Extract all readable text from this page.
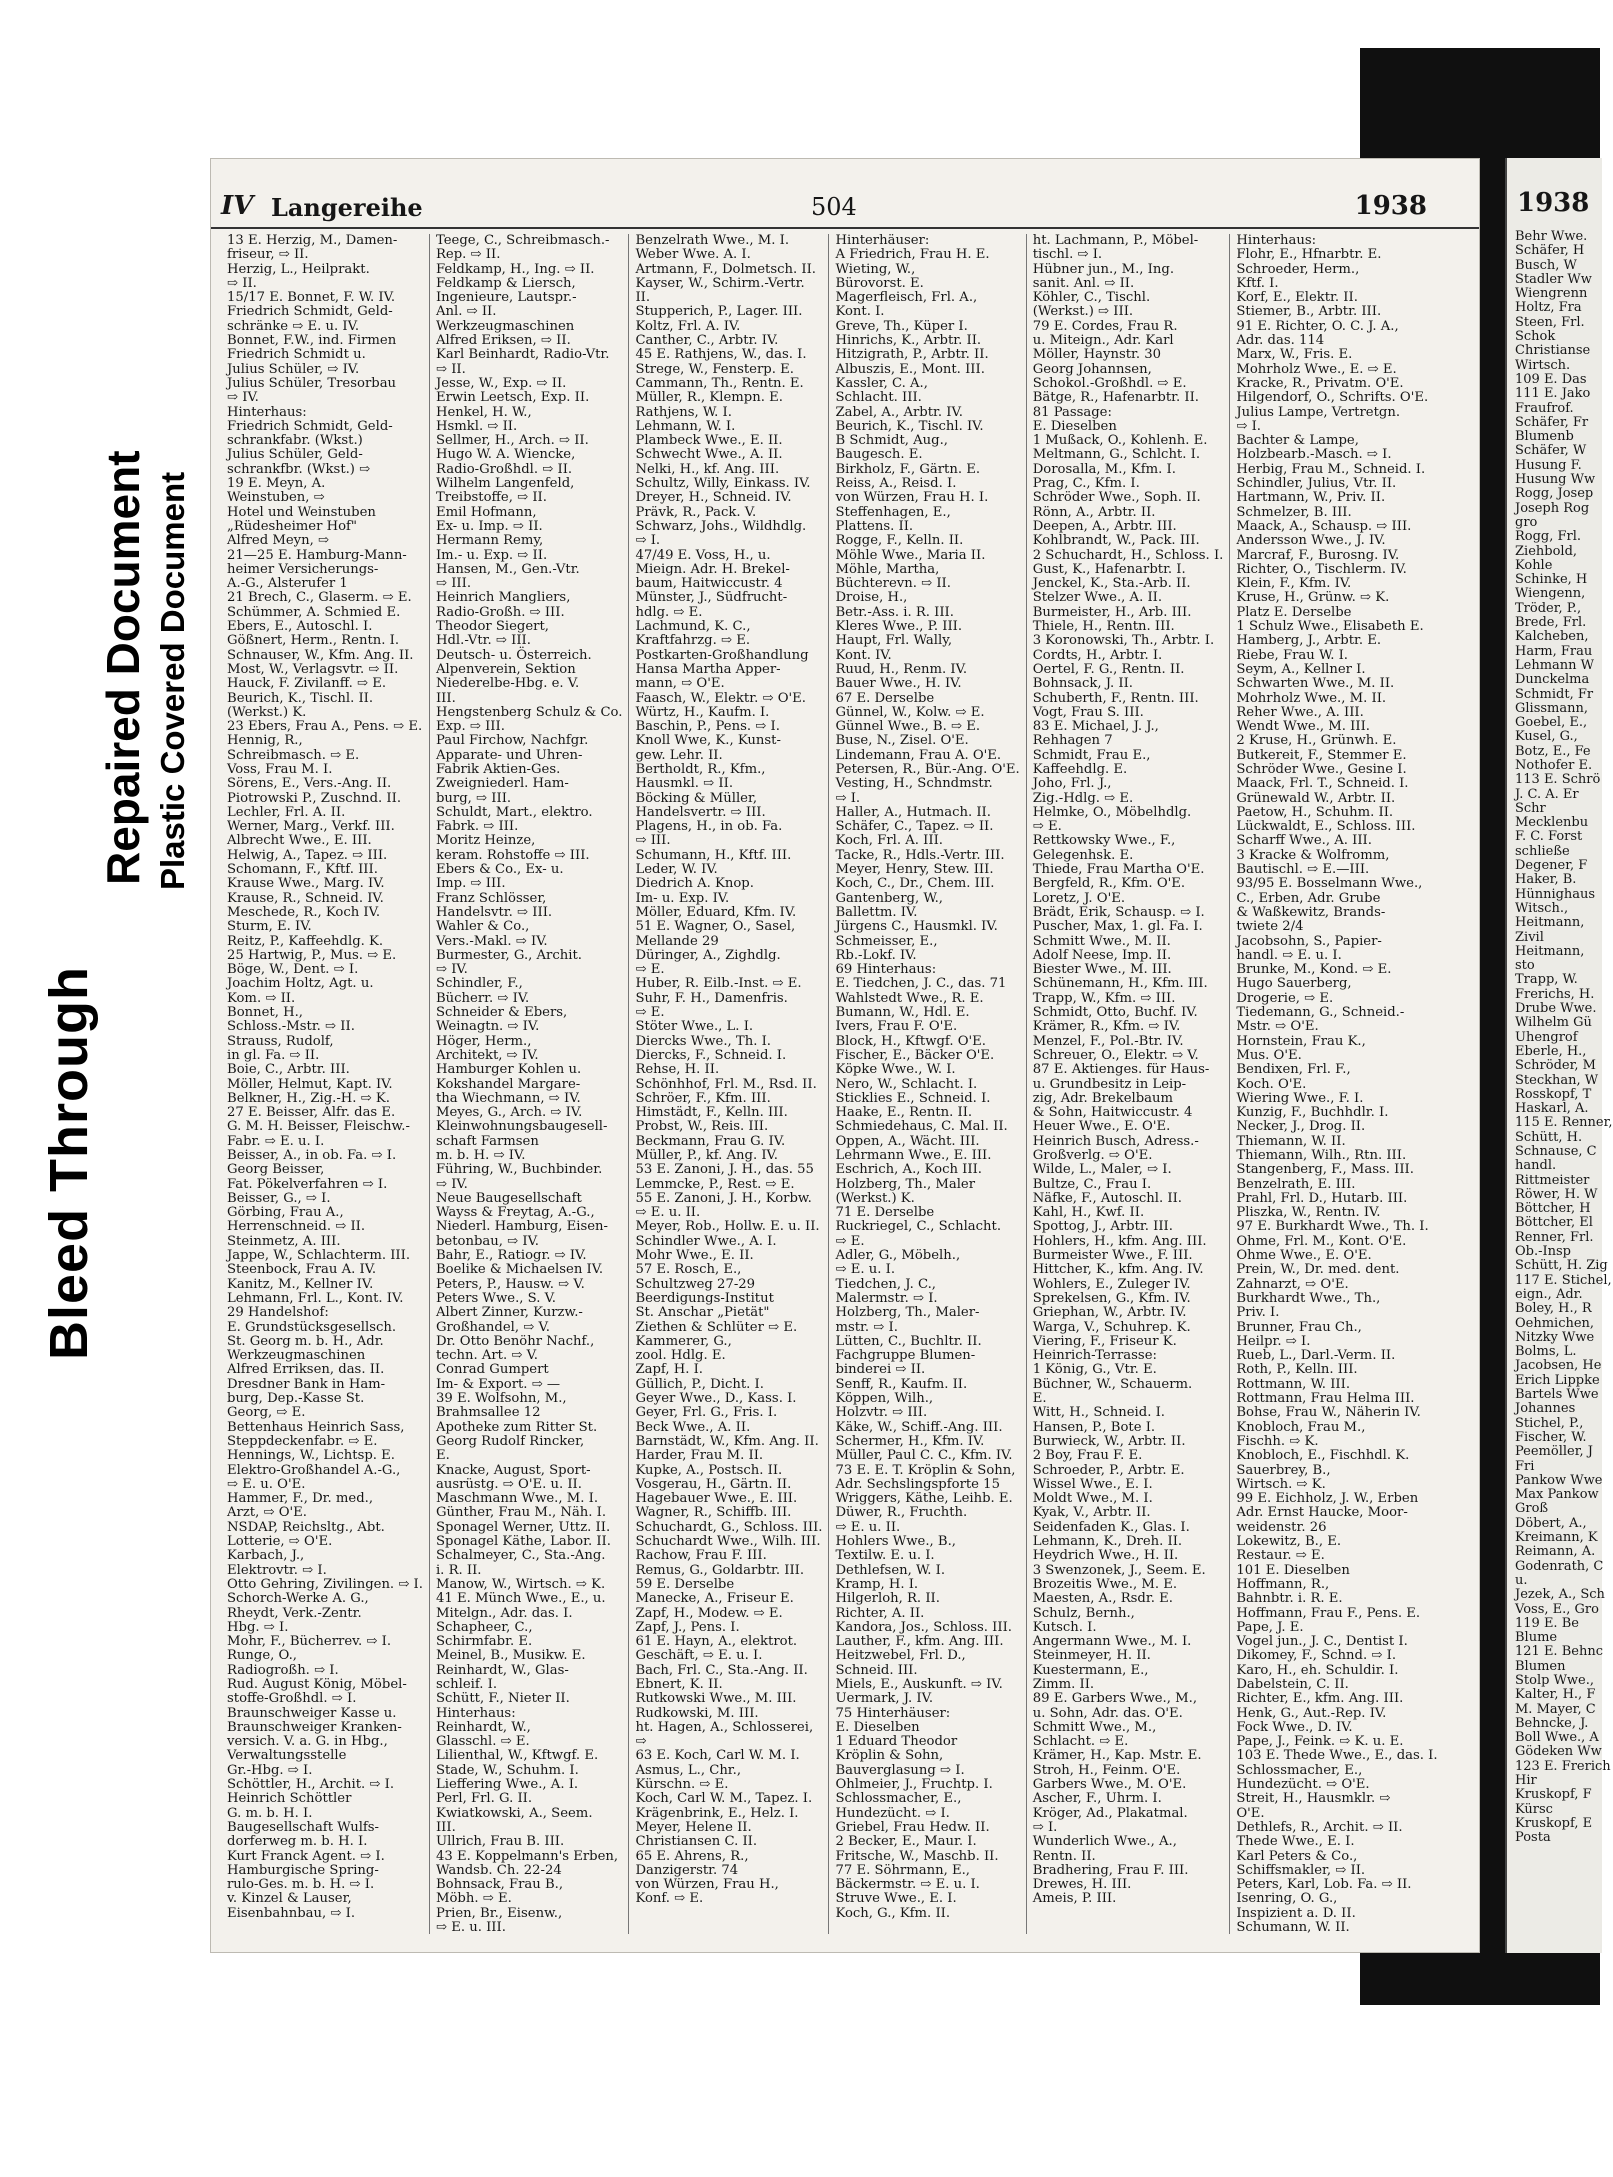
Bleed Through
Repaired Document Plastic Covered Document
IV Langereihe	504	1938
13 E. Herzig, M., Damen-
friseur, ⇨ II.
Herzig, L., Heilprakt.
⇨ II.
15/17 E. Bonnet, F. W. IV.
Friedrich Schmidt, Geld-
schränke ⇨ E. u. IV.
Bonnet, F.W., ind. Firmen
Friedrich Schmidt u.
Julius Schüler, ⇨ IV.
Julius Schüler, Tresorbau
⇨ IV.
Hinterhaus:
Friedrich Schmidt, Geld-
schrankfabr. (Wkst.)
Julius Schüler, Geld-
schrankfbr. (Wkst.) ⇨
19 E. Meyn, A.
Weinstuben, ⇨
Hotel und Weinstuben
„Rüdesheimer Hof"
Alfred Meyn, ⇨
21—25 E. Hamburg-Mann-
heimer Versicherungs-
A.-G., Alsterufer 1
21 Brech, C., Glaserm. ⇨ E.
Schümmer, A. Schmied E.
Ebers, E., Autoschl. I.
Gößnert, Herm., Rentn. I.
Schnauser, W., Kfm. Ang. II.
Most, W., Verlagsvtr. ⇨ II.
Hauck, F. Zivilanff. ⇨ E.
Beurich, K., Tischl. II.
(Werkst.) K.
23 Ebers, Frau A., Pens. ⇨ E.
Hennig, R.,
Schreibmasch. ⇨ E.
Voss, Frau M. I.
Sörens, E., Vers.-Ang. II.
Piotrowski P., Zuschnd. II.
Lechler, Frl. A. II.
Werner, Marg., Verkf. III.
Albrecht Wwe., E. III.
Helwig, A., Tapez. ⇨ III.
Schomann, F., Kftf. III.
Krause Wwe., Marg. IV.
Krause, R., Schneid. IV.
Meschede, R., Koch IV.
Sturm, E. IV.
Reitz, P., Kaffeehdlg. K.
25 Hartwig, P., Mus. ⇨ E.
Böge, W., Dent. ⇨ I.
Joachim Holtz, Agt. u.
Kom. ⇨ II.
Bonnet, H.,
Schloss.-Mstr. ⇨ II.
Strauss, Rudolf,
in gl. Fa. ⇨ II.
Boie, C., Arbtr. III.
Möller, Helmut, Kapt. IV.
Belkner, H., Zig.-H. ⇨ K.
27 E. Beisser, Alfr. das E.
G. M. H. Beisser, Fleischw.-
Fabr. ⇨ E. u. I.
Beisser, A., in ob. Fa. ⇨ I.
Georg Beisser,
Fat. Pökelverfahren ⇨ I.
Beisser, G., ⇨ I.
Görbing, Frau A.,
Herrenschneid. ⇨ II.
Steinmetz, A. III.
Jappe, W., Schlachterm. III.
Steenbock, Frau A. IV.
Kanitz, M., Kellner IV.
Lehmann, Frl. L., Kont. IV.
29 Handelshof:
E. Grundstücksgesellsch.
St. Georg m. b. H., Adr.
Werkzeugmaschinen
Alfred Erriksen, das. II.
Dresdner Bank in Ham-
burg, Dep.-Kasse St.
Georg, ⇨ E.
Bettenhaus Heinrich Sass,
Steppdeckenfabr. ⇨ E.
Hennings, W., Lichtsp. E.
Elektro-Großhandel A.-G.,
⇨ E. u. O'E.
Hammer, F., Dr. med.,
Arzt, ⇨ O'E.
NSDAP, Reichsltg., Abt.
Lotterie, ⇨ O'E.
Karbach, J.,
Elektrovtr. ⇨ I.
Otto Gehring, Zivilingen. ⇨ I.
Schorch-Werke A. G.,
Rheydt, Verk.-Zentr.
Hbg. ⇨ I.
Mohr, F., Bücherrev. ⇨ I.
Runge, O.,
Radiogroßh. ⇨ I.
Rud. August König, Möbel-
stoffe-Großhdl. ⇨ I.
Braunschweiger Kasse u.
Braunschweiger Kranken-
versich. V. a. G. in Hbg.,
Verwaltungsstelle
Gr.-Hbg. ⇨ I.
Schöttler, H., Archit. ⇨ I.
Heinrich Schöttler
G. m. b. H. I.
Baugesellschaft Wulfs-
dorferweg m. b. H. I.
Kurt Franck Agent. ⇨ I.
Hamburgische Spring-
rulo-Ges. m. b. H. ⇨ I.
v. Kinzel & Lauser,
Eisenbahnbau, ⇨ I.
Teege, C., Schreibmasch.-
Rep. ⇨ II.
Feldkamp, H., Ing. ⇨ II.
Feldkamp & Liersch,
Ingenieure, Lautspr.-
Anl. ⇨ II.
Werkzeugmaschinen
Alfred Eriksen, ⇨ II.
Karl Beinhardt, Radio-Vtr.
⇨ II.
Jesse, W., Exp. ⇨ II.
Erwin Leetsch, Exp. II.
Henkel, H. W.,
Hsmkl. ⇨ II.
Sellmer, H., Arch. ⇨ II.
Hugo W. A. Wiencke,
Radio-Großhdl. ⇨ II.
Wilhelm Langenfeld,
Treibstoffe, ⇨ II.
Emil Hofmann,
Ex- u. Imp. ⇨ II.
Hermann Remy,
Im.- u. Exp. ⇨ II.
Hansen, M., Gen.-Vtr.
⇨ III.
Heinrich Mangliers,
Radio-Großh. ⇨ III.
Theodor Siegert,
Hdl.-Vtr. ⇨ III.
Deutsch- u. Österreich.
Alpenverein, Sektion
Niederelbe-Hbg. e. V.
III.
Hengstenberg Schulz & Co.
Exp. ⇨ III.
Paul Firchow, Nachfgr.
Apparate- und Uhren-
Fabrik Aktien-Ges.
Zweigniederl. Ham-
burg, ⇨ III.
Schuldt, Mart., elektro.
Fabrk. ⇨ III.
Moritz Heinze,
keram. Rohstoffe ⇨ III.
Ebers & Co., Ex- u.
Imp. ⇨ III.
Franz Schlösser,
Handelsvtr. ⇨ III.
Wahler & Co.,
Vers.-Makl. ⇨ IV.
Burmester, G., Archit.
⇨ IV.
Schindler, F.,
Bücherr. ⇨ IV.
Schneider & Ebers,
Weinagtn. ⇨ IV.
Höger, Herm.,
Architekt, ⇨ IV.
Hamburger Kohlen u.
Kokshandel Margare-
tha Wiechmann, ⇨ IV.
Meyes, G., Arch. ⇨ IV.
Kleinwohnungsbaugesell-
schaft Farmsen
m. b. H. ⇨ IV.
Führing, W., Buchbinder.
⇨ IV.
Neue Baugesellschaft
Wayss & Freytag, A.-G.,
Niederl. Hamburg, Eisen-
betonbau, ⇨ IV.
Bahr, E., Ratiogr. ⇨ IV.
Boelike & Michaelsen IV.
Peters, P., Hausw. ⇨ V.
Peters Wwe., S. V.
Albert Zinner, Kurzw.-
Großhandel, ⇨ V.
Dr. Otto Benöhr Nachf.,
techn. Art. ⇨ V.
Conrad Gumpert
Im- & Export. ⇨ —
39 E. Wolfsohn, M.,
Brahmsallee 12
Apotheke zum Ritter St.
Georg Rudolf Rincker,
E.
Knacke, August, Sport-
ausrüstg. ⇨ O'E. u. II.
Maschmann Wwe., M. I.
Günther, Frau M., Näh. I.
Sponagel Werner, Uttz. II.
Sponagel Käthe, Labor. II.
Schalmeyer, C., Sta.-Ang.
i. R. II.
Manow, W., Wirtsch. ⇨ K.
41 E. Münch Wwe., E., u.
Mitelgn., Adr. das. I.
Schapheer, C.,
Schirmfabr. E.
Meinel, B., Musikw. E.
Reinhardt, W., Glas-
schleif. I.
Schütt, F., Nieter II.
Hinterhaus:
Reinhardt, W.,
Glasschl. ⇨ E.
Lilienthal, W., Kftwgf. E.
Stade, W., Schuhm. I.
Lieffering Wwe., A. I.
Perl, Frl. G. II.
Kwiatkowski, A., Seem.
III.
Ullrich, Frau B. III.
43 E. Koppelmann's Erben,
Wandsb. Ch. 22-24
Bohnsack, Frau B.,
Möbh. ⇨ E.
Prien, Br., Eisenw.,
⇨ E. u. III.
Benzelrath Wwe., M. I.
Weber Wwe. A. I.
Artmann, F., Dolmetsch. II.
Kayser, W., Schirm.-Vertr.
II.
Stupperich, P., Lager. III.
Koltz, Frl. A. IV.
Canther, C., Arbtr. IV.
45 E. Rathjens, W., das. I.
Strege, W., Fensterp. E.
Cammann, Th., Rentn. E.
Müller, R., Klempn. E.
Rathjens, W. I.
Lehmann, W. I.
Plambeck Wwe., E. II.
Schwecht Wwe., A. II.
Nelki, H., kf. Ang. III.
Schultz, Willy, Einkass. IV.
Dreyer, H., Schneid. IV.
Prävk, R., Pack. V.
Schwarz, Johs., Wildhdlg.
⇨ I.
47/49 E. Voss, H., u.
Mieign. Adr. H. Brekel-
baum, Haitwiccustr. 4
Münster, J., Südfrucht-
hdlg. ⇨ E.
Lachmund, K. C.,
Kraftfahrzg. ⇨ E.
Postkarten-Großhandlung
Hansa Martha Apper-
mann, ⇨ O'E.
Faasch, W., Elektr. ⇨ O'E.
Würtz, H., Kaufm. I.
Baschin, P., Pens. ⇨ I.
Knoll Wwe, K., Kunst-
gew. Lehr. II.
Bertholdt, R., Kfm.,
Hausmkl. ⇨ II.
Böcking & Müller,
Handelsvertr. ⇨ III.
Plagens, H., in ob. Fa.
⇨ III.
Schumann, H., Kftf. III.
Leder, W. IV.
Diedrich A. Knop.
Im- u. Exp. IV.
Möller, Eduard, Kfm. IV.
51 E. Wagner, O., Sasel,
Mellande 29
Düringer, A., Zighdlg.
⇨ E.
Huber, R. Eilb.-Inst. ⇨ E.
Suhr, F. H., Damenfris.
⇨ E.
Stöter Wwe., L. I.
Diercks Wwe., Th. I.
Diercks, F., Schneid. I.
Rehse, H. II.
Schönhhof, Frl. M., Rsd. II.
Schröer, F., Kfm. III.
Himstädt, F., Kelln. III.
Probst, W., Reis. III.
Beckmann, Frau G. IV.
Müller, P., kf. Ang. IV.
53 E. Zanoni, J. H., das. 55
Lemmcke, P., Rest. ⇨ E.
55 E. Zanoni, J. H., Korbw.
⇨ E. u. II.
Meyer, Rob., Hollw. E. u. II.
Schindler Wwe., A. I.
Mohr Wwe., E. II.
57 E. Rosch, E.,
Schultzweg 27-29
Beerdigungs-Institut
St. Anschar „Pietät"
Ziethen & Schlüter ⇨ E.
Kammerer, G.,
zool. Hdlg. E.
Zapf, H. I.
Güllich, P., Dicht. I.
Geyer Wwe., D., Kass. I.
Geyer, Frl. G., Fris. I.
Beck Wwe., A. II.
Barnstädt, W., Kfm. Ang. II.
Harder, Frau M. II.
Kupke, A., Postsch. II.
Vosgerau, H., Gärtn. II.
Hagebauer Wwe., E. III.
Wagner, R., Schiffb. III.
Schuchardt, G., Schloss. III.
Schuchardt Wwe., Wilh. III.
Rachow, Frau F. III.
Remus, G., Goldarbtr. III.
59 E. Derselbe
Manecke, A., Friseur E.
Zapf, H., Modew. ⇨ E.
Zapf, J., Pens. I.
61 E. Hayn, A., elektrot.
Geschäft, ⇨ E. u. I.
Bach, Frl. C., Sta.-Ang. II.
Ebnert, K. II.
Rutkowski Wwe., M. III.
Rudkowski, M. III.
ht. Hagen, A., Schlosserei,
⇨
63 E. Koch, Carl W. M. I.
Asmus, L., Chr.,
Kürschn. ⇨ E.
Koch, Carl W. M., Tapez. I.
Krägenbrink, E., Helz. I.
Meyer, Helene II.
Christiansen C. II.
65 E. Ahrens, R.,
Danzigerstr. 74
von Würzen, Frau H.,
Konf. ⇨ E.
Hinterhäuser:
A Friedrich, Frau H. E.
Wieting, W.,
Bürovorst. E.
Magerfleisch, Frl. A.,
Kont. I.
Greve, Th., Küper I.
Hinrichs, K., Arbtr. II.
Hitzigrath, P., Arbtr. II.
Albuszis, E., Mont. III.
Kassler, C. A.,
Schlacht. III.
Zabel, A., Arbtr. IV.
Beurich, K., Tischl. IV.
B Schmidt, Aug.,
Baugesch. E.
Birkholz, F., Gärtn. E.
Reiss, A., Reisd. I.
von Würzen, Frau H. I.
Steffenhagen, E.,
Plattens. II.
Rogge, F., Kelln. II.
Möhle Wwe., Maria II.
Möhle, Martha,
Büchterevn. ⇨ II.
Droise, H.,
Betr.-Ass. i. R. III.
Kleres Wwe., P. III.
Haupt, Frl. Wally,
Kont. IV.
Ruud, H., Renm. IV.
Bauer Wwe., H. IV.
67 E. Derselbe
Günnel, W., Kolw. ⇨ E.
Günnel Wwe., B. ⇨ E.
Buse, N., Zisel. O'E.
Lindemann, Frau A. O'E.
Petersen, R., Bür.-Ang. O'E.
Vesting, H., Schndmstr.
⇨ I.
Haller, A., Hutmach. II.
Schäfer, C., Tapez. ⇨ II.
Koch, Frl. A. III.
Tacke, R., Hdls.-Vertr. III.
Meyer, Henry, Stew. III.
Koch, C., Dr., Chem. III.
Gantenberg, W.,
Ballettm. IV.
Jürgens C., Hausmkl. IV.
Schmeisser, E.,
Rb.-Lokf. IV.
69 Hinterhaus:
E. Tiedchen, J. C., das. 71
Wahlstedt Wwe., R. E.
Bumann, W., Hdl. E.
Ivers, Frau F. O'E.
Block, H., Kftwgf. O'E.
Fischer, E., Bäcker O'E.
Köpke Wwe., W. I.
Nero, W., Schlacht. I.
Sticklies E., Schneid. I.
Haake, E., Rentn. II.
Schmiedehaus, C. Mal. II.
Oppen, A., Wächt. III.
Lehrmann Wwe., E. III.
Eschrich, A., Koch III.
Holzberg, Th., Maler
(Werkst.) K.
71 E. Derselbe
Ruckriegel, C., Schlacht.
⇨ E.
Adler, G., Möbelh.,
⇨ E. u. I.
Tiedchen, J. C.,
Malermstr. ⇨ I.
Holzberg, Th., Maler-
mstr. ⇨ I.
Lütten, C., Buchltr. II.
Fachgruppe Blumen-
binderei ⇨ II.
Senff, R., Kaufm. II.
Köppen, Wilh.,
Holzvtr. ⇨ III.
Käke, W., Schiff.-Ang. III.
Schermer, H., Kfm. IV.
Müller, Paul C. C., Kfm. IV.
73 E. E. T. Kröplin & Sohn,
Adr. Sechslingspforte 15
Wriggers, Käthe, Leihb. E.
Düwer, R., Fruchth.
⇨ E. u. II.
Hohlers Wwe., B.,
Textilw. E. u. I.
Dethlefsen, W. I.
Kramp, H. I.
Hilgerloh, R. II.
Richter, A. II.
Kandora, Jos., Schloss. III.
Lauther, F., kfm. Ang. III.
Heitzwebel, Frl. D.,
Schneid. III.
Miels, E., Auskunft. ⇨ IV.
Uermark, J. IV.
75 Hinterhäuser:
E. Dieselben
1 Eduard Theodor
Kröplin & Sohn,
Bauverglasung ⇨ I.
Ohlmeier, J., Fruchtp. I.
Schlossmacher, E.,
Hundezücht. ⇨ I.
Griebel, Frau Hedw. II.
2 Becker, E., Maur. I.
Fritsche, W., Maschb. II.
77 E. Söhrmann, E.,
Bäckermstr. ⇨ E. u. I.
Struve Wwe., E. I.
Koch, G., Kfm. II.
ht. Lachmann, P., Möbel-
tischl. ⇨ I.
Hübner jun., M., Ing.
sanit. Anl. ⇨ II.
Köhler, C., Tischl.
(Werkst.) ⇨ III.
79 E. Cordes, Frau R.
u. Miteign., Adr. Karl
Möller, Haynstr. 30
Georg Johannsen,
Schokol.-Großhdl. ⇨ E.
Bätge, R., Hafenarbtr. II.
81 Passage:
E. Dieselben
1 Mußack, O., Kohlenh. E.
Meltmann, G., Schlcht. I.
Dorosalla, M., Kfm. I.
Prag, C., Kfm. I.
Schröder Wwe., Soph. II.
Rönn, A., Arbtr. II.
Deepen, A., Arbtr. III.
Kohlbrandt, W., Pack. III.
2 Schuchardt, H., Schloss. I.
Gust, K., Hafenarbtr. I.
Jenckel, K., Sta.-Arb. II.
Stelzer Wwe., A. II.
Burmeister, H., Arb. III.
Thiele, H., Rentn. III.
3 Koronowski, Th., Arbtr. I.
Cordts, H., Arbtr. I.
Oertel, F. G., Rentn. II.
Bohnsack, J. II.
Schuberth, F., Rentn. III.
Vogt, Frau S. III.
83 E. Michael, J. J.,
Rehhagen 7
Schmidt, Frau E.,
Kaffeehdlg. E.
Joho, Frl. J.,
Zig.-Hdlg. ⇨ E.
Helmke, O., Möbelhdlg.
⇨ E.
Rettkowsky Wwe., F.,
Gelegenhsk. E.
Thiede, Frau Martha O'E.
Bergfeld, R., Kfm. O'E.
Loretz, J. O'E.
Brädt, Erik, Schausp. ⇨ I.
Puscher, Max, 1. gl. Fa. I.
Schmitt Wwe., M. II.
Adolf Neese, Imp. II.
Biester Wwe., M. III.
Schünemann, H., Kfm. III.
Trapp, W., Kfm. ⇨ III.
Schmidt, Otto, Buchf. IV.
Krämer, R., Kfm. ⇨ IV.
Menzel, F., Pol.-Btr. IV.
Schreuer, O., Elektr. ⇨ V.
87 E. Aktienges. für Haus-
u. Grundbesitz in Leip-
zig, Adr. Brekelbaum
& Sohn, Haitwiccustr. 4
Heuer Wwe., E. O'E.
Heinrich Busch, Adress.-
Großverlg. ⇨ O'E.
Wilde, L., Maler, ⇨ I.
Bultze, C., Frau I.
Näfke, F., Autoschl. II.
Kahl, H., Kwf. II.
Spottog, J., Arbtr. III.
Hohlers, H., kfm. Ang. III.
Burmeister Wwe., F. III.
Hittcher, K., kfm. Ang. IV.
Wohlers, E., Zuleger IV.
Sprekelsen, G., Kfm. IV.
Griephan, W., Arbtr. IV.
Warga, V., Schuhrep. K.
Viering, F., Friseur K.
Heinrich-Terrasse:
1 König, G., Vtr. E.
Büchner, W., Schauerm.
E.
Witt, H., Schneid. I.
Hansen, P., Bote I.
Burwieck, W., Arbtr. II.
2 Boy, Frau F. E.
Schroeder, P., Arbtr. E.
Wissel Wwe., E. I.
Moldt Wwe., M. I.
Kyak, V., Arbtr. II.
Seidenfaden K., Glas. I.
Lehmann, K., Dreh. II.
Heydrich Wwe., H. II.
3 Swenzonek, J., Seem. E.
Brozeitis Wwe., M. E.
Maesten, A., Rsdr. E.
Schulz, Bernh.,
Kutsch. I.
Angermann Wwe., M. I.
Steinmeyer, H. II.
Kuestermann, E.,
Zimm. II.
89 E. Garbers Wwe., M.,
u. Sohn, Adr. das. O'E.
Schmitt Wwe., M.,
Schlacht. ⇨ E.
Krämer, H., Kap. Mstr. E.
Stroh, H., Feinm. O'E.
Garbers Wwe., M. O'E.
Ascher, F., Uhrm. I.
Kröger, Ad., Plakatmal.
⇨ I.
Wunderlich Wwe., A.,
Rentn. II.
Bradhering, Frau F. III.
Drewes, H. III.
Ameis, P. III.
Hinterhaus:
Flohr, E., Hfnarbtr. E.
Schroeder, Herm.,
Kftf. I.
Korf, E., Elektr. II.
Stiemer, B., Arbtr. III.
91 E. Richter, O. C. J. A.,
Adr. das. 114
Marx, W., Fris. E.
Mohrholz Wwe., E. ⇨ E.
Kracke, R., Privatm. O'E.
Hilgendorf, O., Schrifts. O'E.
Julius Lampe, Vertretgn.
⇨ I.
Bachter & Lampe,
Holzbearb.-Masch. ⇨ I.
Herbig, Frau M., Schneid. I.
Schindler, Julius, Vtr. II.
Hartmann, W., Priv. II.
Schmelzer, B. III.
Maack, A., Schausp. ⇨ III.
Andersson Wwe., J. IV.
Marcraf, F., Burosng. IV.
Richter, O., Tischlerm. IV.
Klein, F., Kfm. IV.
Kruse, H., Grünw. ⇨ K.
Platz E. Derselbe
1 Schulz Wwe., Elisabeth E.
Hamberg, J., Arbtr. E.
Riebe, Frau W. I.
Seym, A., Kellner I.
Schwarten Wwe., M. II.
Mohrholz Wwe., M. II.
Reher Wwe., A. III.
Wendt Wwe., M. III.
2 Kruse, H., Grünwh. E.
Butkereit, F., Stemmer E.
Schröder Wwe., Gesine I.
Maack, Frl. T., Schneid. I.
Grünewald W., Arbtr. II.
Paetow, H., Schuhm. II.
Lückwaldt, E., Schloss. III.
Scharff Wwe., A. III.
3 Kracke & Wolfromm,
Bautischl. ⇨ E.—III.
93/95 E. Bosselmann Wwe.,
C., Erben, Adr. Grube
& Waßkewitz, Brands-
twiete 2/4
Jacobsohn, S., Papier-
handl. ⇨ E. u. I.
Brunke, M., Kond. ⇨ E.
Hugo Sauerberg,
Drogerie, ⇨ E.
Tiedemann, G., Schneid.-
Mstr. ⇨ O'E.
Hornstein, Frau K.,
Mus. O'E.
Bendixen, Frl. F.,
Koch. O'E.
Wiering Wwe., F. I.
Kunzig, F., Buchhdlr. I.
Necker, J., Drog. II.
Thiemann, W. II.
Thiemann, Wilh., Rtn. III.
Stangenberg, F., Mass. III.
Benzelrath, E. III.
Prahl, Frl. D., Hutarb. III.
Pliszka, W., Rentn. IV.
97 E. Burkhardt Wwe., Th. I.
Ohme, Frl. M., Kont. O'E.
Ohme Wwe., E. O'E.
Prein, W., Dr. med. dent.
Zahnarzt, ⇨ O'E.
Burkhardt Wwe., Th.,
Priv. I.
Brunner, Frau Ch.,
Heilpr. ⇨ I.
Rueb, L., Darl.-Verm. II.
Roth, P., Kelln. III.
Rottmann, W. III.
Rottmann, Frau Helma III.
Bohse, Frau W., Näherin IV.
Knobloch, Frau M.,
Fischh. ⇨ K.
Knobloch, E., Fischhdl. K.
Sauerbrey, B.,
Wirtsch. ⇨ K.
99 E. Eichholz, J. W., Erben
Adr. Ernst Haucke, Moor-
weidenstr. 26
Lokewitz, B., E.
Restaur. ⇨ E.
101 E. Dieselben
Hoffmann, R.,
Bahnbtr. i. R. E.
Hoffmann, Frau F., Pens. E.
Pape, J. E.
Vogel jun., J. C., Dentist I.
Dikomey, F., Schnd. ⇨ I.
Karo, H., eh. Schuldir. I.
Dabelstein, C. II.
Richter, E., kfm. Ang. III.
Henk, G., Aut.-Rep. IV.
Fock Wwe., D. IV.
Pape, J., Feink. ⇨ K. u. E.
103 E. Thede Wwe., E., das. I.
Schlossmacher, E.,
Hundezücht. ⇨ O'E.
Streit, H., Hausmklr. ⇨
O'E.
Dethlefs, R., Archit. ⇨ II.
Thede Wwe., E. I.
Karl Peters & Co.,
Schiffsmakler, ⇨ II.
Peters, Karl, Lob. Fa. ⇨ II.
Isenring, O. G.,
Inspizient a. D. II.
Schumann, W. II.
1938
Behr Wwe.
Schäfer, H
Busch, W
Stadler Ww
Wiengrenn
Holtz, Fra
Steen, Frl.
Schok
Christianse
Wirtsch.
109 E. Das
111 E. Jako
Fraufrof.
Schäfer, Fr
Blumenb
Schäfer, W
Husung F.
Husung Ww
Rogg, Josep
Joseph Rog
gro
Rogg, Frl.
Ziehbold,
Kohle
Schinke, H
Wiengenn,
Tröder, P.,
Brede, Frl.
Kalcheben,
Harm, Frau
Lehmann W
Dunckelma
Schmidt, Fr
Glissmann,
Goebel, E.,
Kusel, G.,
Botz, E., Fe
Nothofer E.
113 E. Schrö
J. C. A. Er
Schr
Mecklenbu
F. C. Forst
schließe
Degener, F
Haker, B.
Hünnighaus
Witsch.,
Heitmann,
Zivil
Heitmann,
sto
Trapp, W.
Frerichs, H.
Drube Wwe.
Wilhelm Gü
Uhengrof
Eberle, H.,
Schröder, M
Steckhan, W
Rosskopf, T
Haskarl, A.
115 E. Renner,
Schütt, H.
Schnause, C
handl.
Rittmeister
Röwer, H. W
Böttcher, H
Böttcher, El
Renner, Frl.
Ob.-Insp
Schütt, H. Zig
117 E. Stichel,
eign., Adr.
Boley, H., R
Oehmichen,
Nitzky Wwe
Bolms, L.
Jacobsen, He
Erich Lippke
Bartels Wwe
Johannes
Stichel, P.,
Fischer, W.
Peemöller, J
Fri
Pankow Wwe
Max Pankow
Groß
Döbert, A.,
Kreimann, K
Reimann, A.
Godenrath, C
u.
Jezek, A., Sch
Voss, E., Gro
119 E. Be
Blume
121 E. Behnc
Blumen
Stolp Wwe.,
Kalter, H., F
M. Mayer, C
Behncke, J.
Boll Wwe., A
Gödeken Ww
123 E. Frerich
Hir
Kruskopf, F
Kürsc
Kruskopf, E
Posta
